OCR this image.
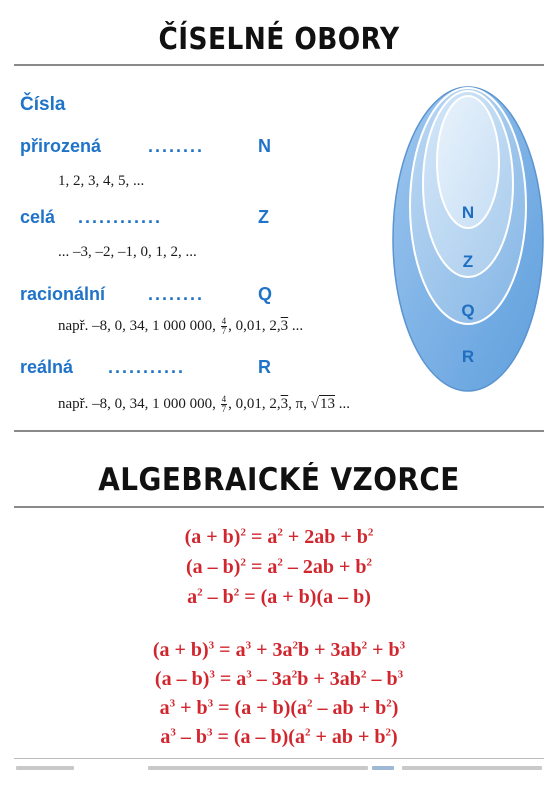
ČÍSELNÉ OBORY
Čísla
přirozená	........	N
1, 2, 3, 4, 5, ...
celá ............	Z
... –3, –2, –1, 0, 1, 2, ...
racionální ........	Q
např. –8, 0, 34, 1 000 000, $\frac{4}{7}$ , 0,01, 2,3 ...
reálná ...........	R
např. –8, 0, 34, 1 000 000, $\frac{4}{7}$ , 0,01, 2,3, π, √13 ...
N
Z
Q
R
ALGEBRAICKÉ VZORCE
$(a + b)^2 = a^2 + 2ab + b^2$
$(a - b)^2 = a^2 - 2ab + b^2$
$a^2 - b^2 = (a + b)(a - b)$
$(a + b)^3 = a^3 + 3a^2b + 3ab^2 + b^3$
$(a - b)^3 = a^3 - 3a^2b + 3ab^2 - b^3$
$a^3 + b^3 = (a + b)(a^2$ – ab + $b^2$)
$a^3 - b^3 = (a - b)(a^2$ + ab + $b^2$)
